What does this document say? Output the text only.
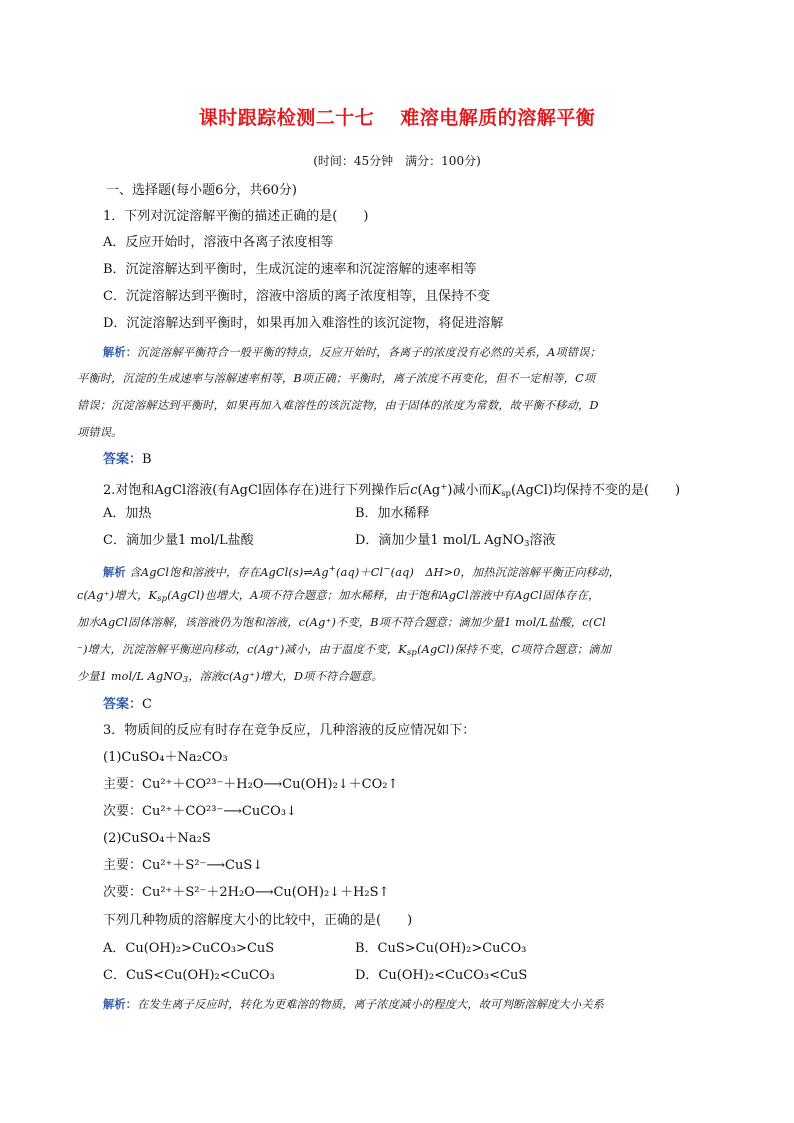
课时跟踪检测二十七 难溶电解质的溶解平衡
(时间：45分钟　满分：100分)
一、选择题(每小题6分，共60分)
1．下列对沉淀溶解平衡的描述正确的是(　　)
A．反应开始时，溶液中各离子浓度相等
B．沉淀溶解达到平衡时，生成沉淀的速率和沉淀溶解的速率相等
C．沉淀溶解达到平衡时，溶液中溶质的离子浓度相等，且保持不变
D．沉淀溶解达到平衡时，如果再加入难溶性的该沉淀物，将促进溶解
解析：沉淀溶解平衡符合一般平衡的特点，反应开始时，各离子的浓度没有必然的关系，A项错误；
平衡时，沉淀的生成速率与溶解速率相等，B项正确；平衡时，离子浓度不再变化，但不一定相等，C项
错误；沉淀溶解达到平衡时，如果再加入难溶性的该沉淀物，由于固体的浓度为常数，故平衡不移动，D
项错误。
答案：B
2.对饱和AgCl溶液(有AgCl固体存在)进行下列操作后c(Ag+)减小而$K_{sp}(AgCl)$均保持不变的是(　　)
A．加热	B．加水稀释
C．滴加少量1 mol/L盐酸	D．滴加少量1 mol/L AgNO$_3$溶液
解析 含AgCl饱和溶液中，存在AgCl(s)⇌Ag+(aq)＋Cl−(aq)　ΔH>0，加热沉淀溶解平衡正向移动，
c(Ag⁺)增大，$K_{sp}(AgCl)$也增大，A项不符合题意；加水稀释，由于饱和AgCl溶液中有AgCl固体存在，
加水AgCl固体溶解，该溶液仍为饱和溶液，c(Ag⁺)不变，B项不符合题意；滴加少量1 mol/L盐酸，c(Cl
⁻)增大，沉淀溶解平衡逆向移动，c(Ag⁺)减小，由于温度不变，$K_{sp}(AgCl)$保持不变，C项符合题意；滴加
少量1 mol/L AgNO$_3$，溶液c(Ag⁺)增大，D项不符合题意。
答案：C
3．物质间的反应有时存在竞争反应，几种溶液的反应情况如下：
(1)CuSO₄＋Na₂CO₃
主要：Cu²⁺＋CO²³⁻＋H₂O⟶Cu(OH)₂↓＋CO₂↑
次要：Cu²⁺＋CO²³⁻⟶CuCO₃↓
(2)CuSO₄＋Na₂S
主要：Cu²⁺＋S²⁻⟶CuS↓
次要：Cu²⁺＋S²⁻＋2H₂O⟶Cu(OH)₂↓＋H₂S↑
下列几种物质的溶解度大小的比较中，正确的是(　　)
A．Cu(OH)₂>CuCO₃>CuS	B．CuS>Cu(OH)₂>CuCO₃
C．CuS<Cu(OH)₂<CuCO₃	D．Cu(OH)₂<CuCO₃<CuS
解析：在发生离子反应时，转化为更难溶的物质，离子浓度减小的程度大，故可判断溶解度大小关系
